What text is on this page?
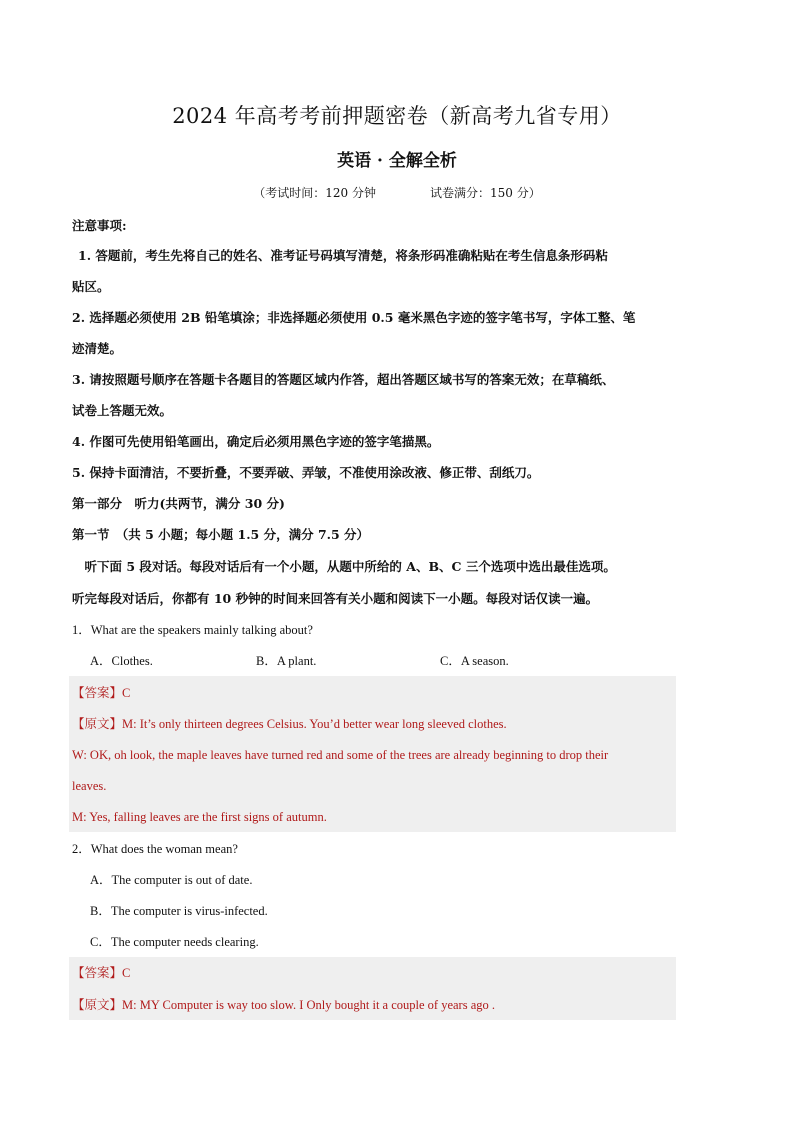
2024 年高考考前押题密卷（新高考九省专用）
英语 · 全解全析
（考试时间：120 分钟	试卷满分：150 分）
注意事项:
1. 答题前，考生先将自己的姓名、准考证号码填写清楚，将条形码准确粘贴在考生信息条形码粘
贴区。
2. 选择题必须使用 2B 铅笔填涂；非选择题必须使用 0.5 毫米黑色字迹的签字笔书写，字体工整、笔
迹清楚。
3. 请按照题号顺序在答题卡各题目的答题区域内作答，超出答题区域书写的答案无效；在草稿纸、
试卷上答题无效。
4. 作图可先使用铅笔画出，确定后必须用黑色字迹的签字笔描黑。
5. 保持卡面清洁，不要折叠，不要弄破、弄皱，不准使用涂改液、修正带、刮纸刀。
第一部分　听力(共两节，满分 30 分)
第一节　（共 5 小题；每小题 1.5 分，满分 7.5 分）
　听下面 5 段对话。每段对话后有一个小题，从题中所给的 A、B、C 三个选项中选出最佳选项。
听完每段对话后，你都有 10 秒钟的时间来回答有关小题和阅读下一小题。每段对话仅读一遍。
1．What are the speakers mainly talking about?
A．Clothes.	B．A plant.	C．A season.
【答案】C
【原文】M: It’s only thirteen degrees Celsius. You’d better wear long sleeved clothes.
W: OK, oh look, the maple leaves have turned red and some of the trees are already beginning to drop their
leaves.
M: Yes, falling leaves are the first signs of autumn.
2．What does the woman mean?
A．The computer is out of date.
B．The computer is virus-infected.
C．The computer needs clearing.
【答案】C
【原文】M: MY Computer is way too slow. I Only bought it a couple of years ago .
